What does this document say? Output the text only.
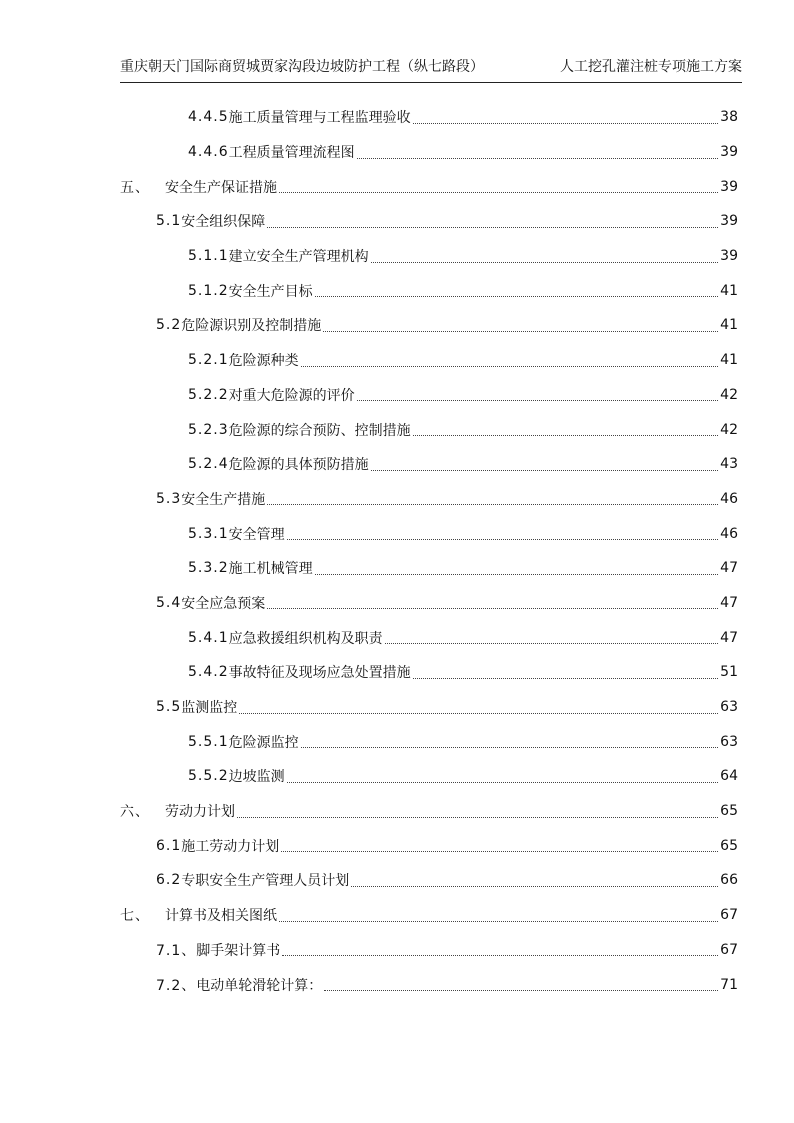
重庆朝天门国际商贸城贾家沟段边坡防护工程（纵七路段）	人工挖孔灌注桩专项施工方案
4.4.5 施工质量管理与工程监理验收	38
4.4.6 工程质量管理流程图	39
五、	安全生产保证措施	39
5.1 安全组织保障	39
5.1.1 建立安全生产管理机构	39
5.1.2 安全生产目标	41
5.2 危险源识别及控制措施	41
5.2.1 危险源种类	41
5.2.2 对重大危险源的评价	42
5.2.3 危险源的综合预防、控制措施	42
5.2.4 危险源的具体预防措施	43
5.3 安全生产措施	46
5.3.1 安全管理	46
5.3.2 施工机械管理	47
5.4 安全应急预案	47
5.4.1 应急救援组织机构及职责	47
5.4.2 事故特征及现场应急处置措施	51
5.5 监测监控	63
5.5.1 危险源监控	63
5.5.2 边坡监测	64
六、	劳动力计划	65
6.1 施工劳动力计划	65
6.2 专职安全生产管理人员计划	66
七、	计算书及相关图纸	67
7.1、 脚手架计算书	67
7.2、 电动单轮滑轮计算：	71
